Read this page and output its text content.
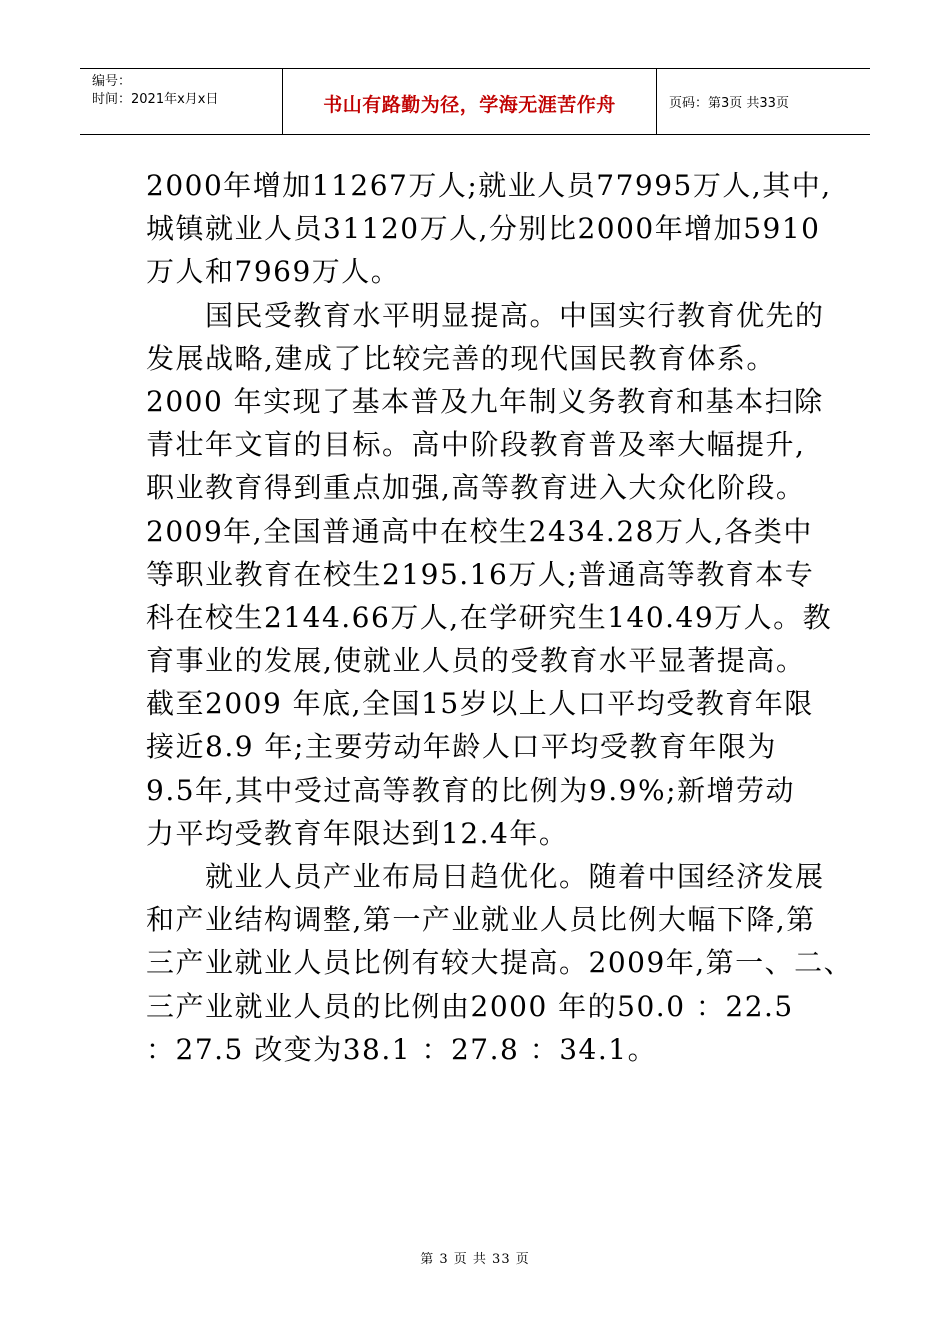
编号：
时间：2021年x月x日	书山有路勤为径，学海无涯苦作舟	页码：第3页 共33页
2000年增加11267万人;就业人员77995万人,其中,
城镇就业人员31120万人,分别比2000年增加5910
万人和7969万人。
　　国民受教育水平明显提高。中国实行教育优先的
发展战略,建成了比较完善的现代国民教育体系。
2000 年实现了基本普及九年制义务教育和基本扫除
青壮年文盲的目标。高中阶段教育普及率大幅提升,
职业教育得到重点加强,高等教育进入大众化阶段。
2009年,全国普通高中在校生2434.28万人,各类中
等职业教育在校生2195.16万人;普通高等教育本专
科在校生2144.66万人,在学研究生140.49万人。教
育事业的发展,使就业人员的受教育水平显著提高。
截至2009 年底,全国15岁以上人口平均受教育年限
接近8.9 年;主要劳动年龄人口平均受教育年限为
9.5年,其中受过高等教育的比例为9.9%;新增劳动
力平均受教育年限达到12.4年。
　　就业人员产业布局日趋优化。随着中国经济发展
和产业结构调整,第一产业就业人员比例大幅下降,第
三产业就业人员比例有较大提高。2009年,第一、二、
三产业就业人员的比例由2000 年的50.0 ：22.5
：27.5 改变为38.1 ：27.8 ：34.1。
第 3 页 共 33 页
